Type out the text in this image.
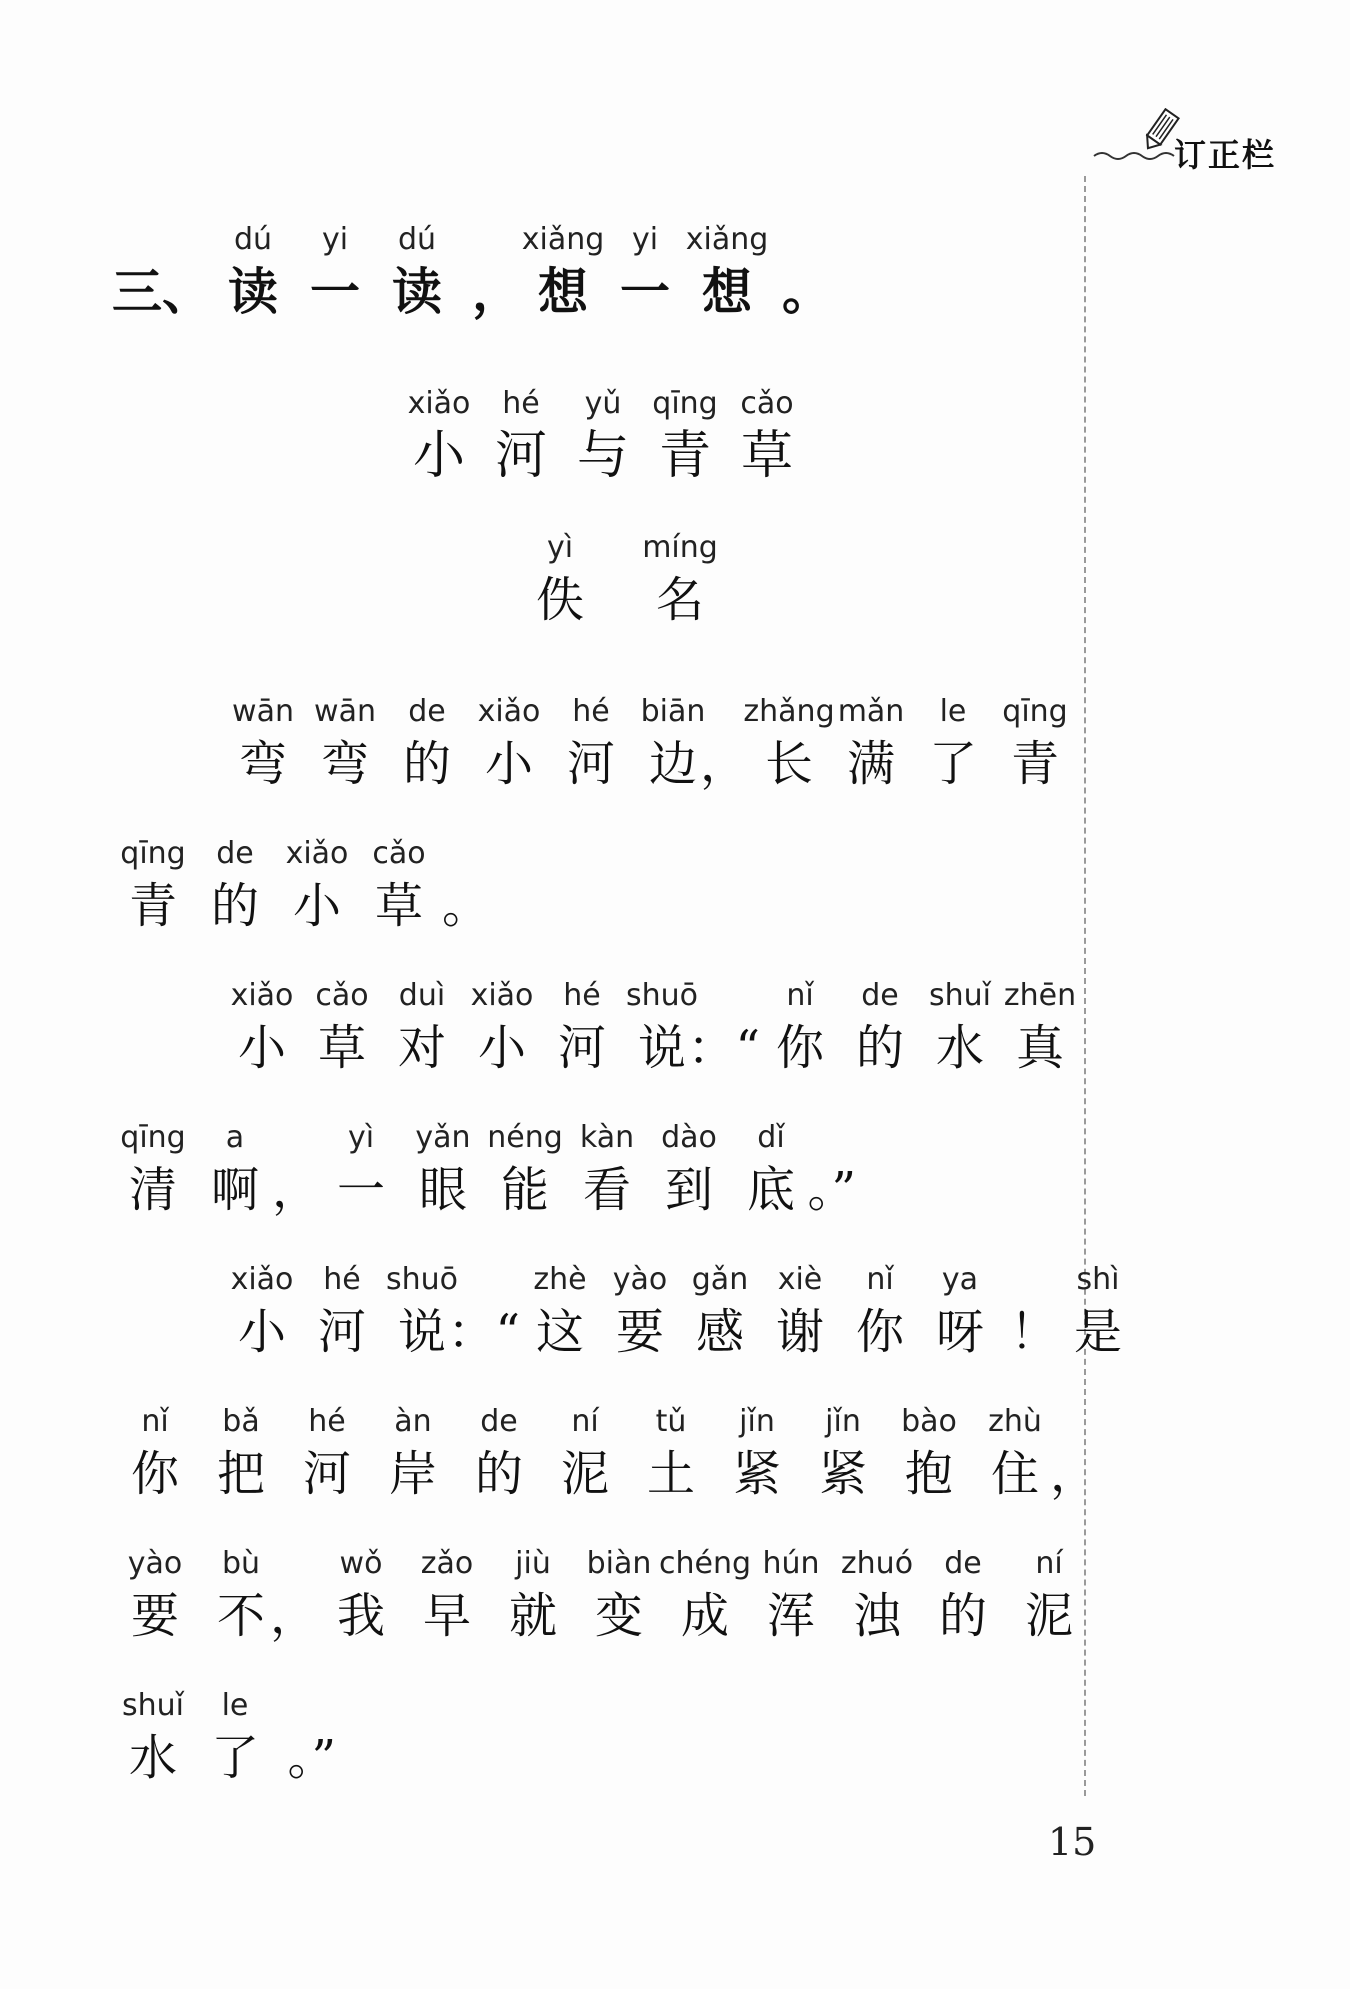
订正栏
三、
dú
读
yi
一
dú
读 ，
xiǎng
想
yi
一
xiǎng
想 。
xiǎo
小
hé
河
yǔ
与
qīng
青
cǎo
草
yì
佚
míng
名
wān
弯
wān
弯
de
的
xiǎo
小
hé
河
biān
边 ，
zhǎng
长
mǎn
满
le
了
qīng
青
qīng
青
de
的
xiǎo
小
cǎo
草 。
xiǎo
小
cǎo
草
duì
对
xiǎo
小
hé
河
shuō
说 ：“
nǐ
你
de
的
shuǐ
水
zhēn
真
qīng
清
a
啊 ，
yì
一
yǎn
眼
néng
能
kàn
看
dào
到
dǐ
底 。”
xiǎo
小
hé
河
shuō
说 ：“
zhè
这
yào
要
gǎn
感
xiè
谢
nǐ
你
ya
呀 ！
shì
是
nǐ
你
bǎ
把
hé
河
àn
岸
de
的
ní
泥
tǔ
土
jǐn
紧
jǐn
紧
bào
抱
zhù
住 ，
yào
要
bù
不 ，
wǒ
我
zǎo
早
jiù
就
biàn
变
chéng
成
hún
浑
zhuó
浊
de
的
ní
泥
shuǐ
水
le
了 。”
15
